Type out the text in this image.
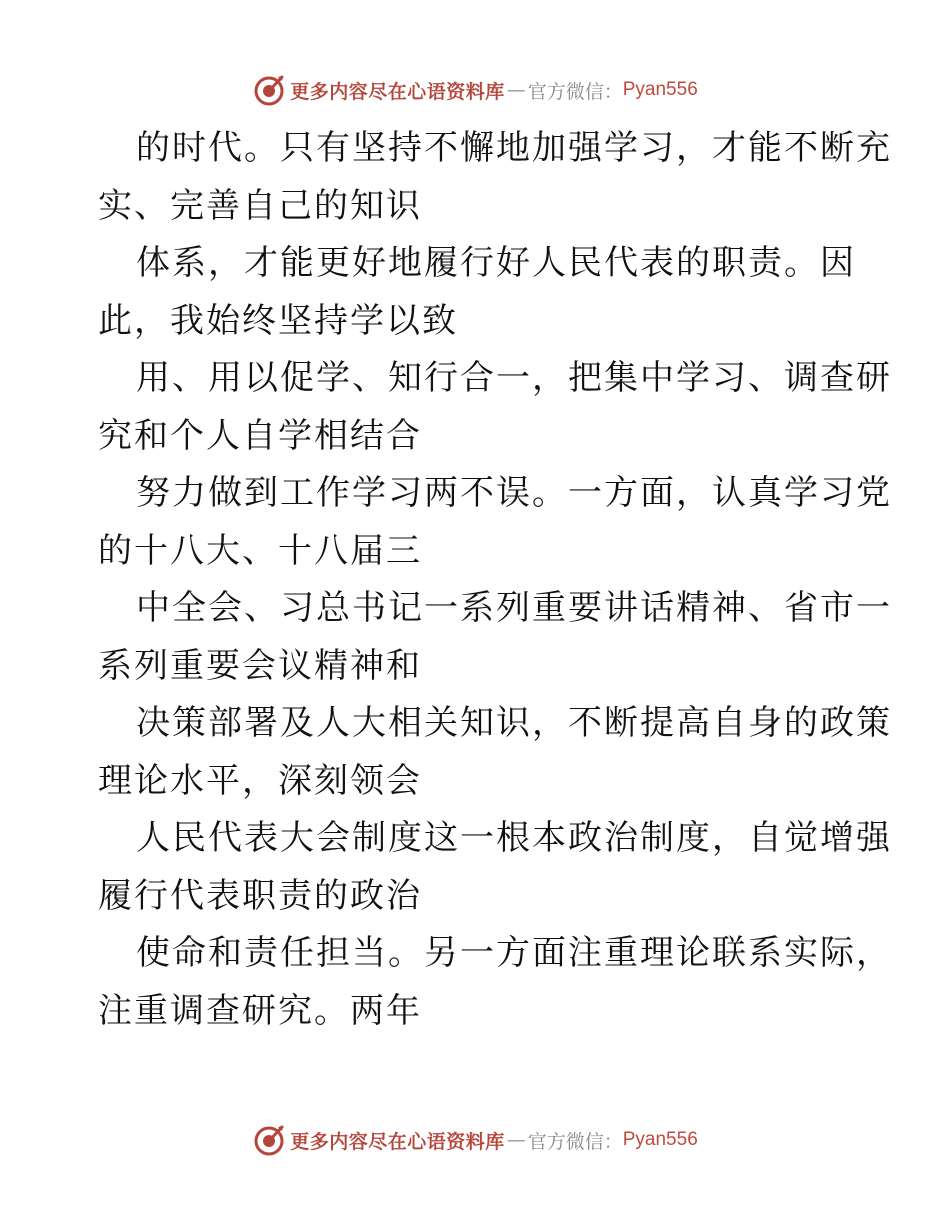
更多内容尽在心语资料库 — 官方微信： Pyan556

的时代。只有坚持不懈地加强学习，才能不断充
实、完善自己的知识

体系，才能更好地履行好人民代表的职责。因
此，我始终坚持学以致

用、用以促学、知行合一，把集中学习、调查研
究和个人自学相结合

努力做到工作学习两不误。一方面，认真学习党
的十八大、十八届三

中全会、习总书记一系列重要讲话精神、省市一
系列重要会议精神和

决策部署及人大相关知识，不断提高自身的政策
理论水平，深刻领会

人民代表大会制度这一根本政治制度，自觉增强
履行代表职责的政治

使命和责任担当。另一方面注重理论联系实际，
注重调查研究。两年

更多内容尽在心语资料库 — 官方微信： Pyan556
